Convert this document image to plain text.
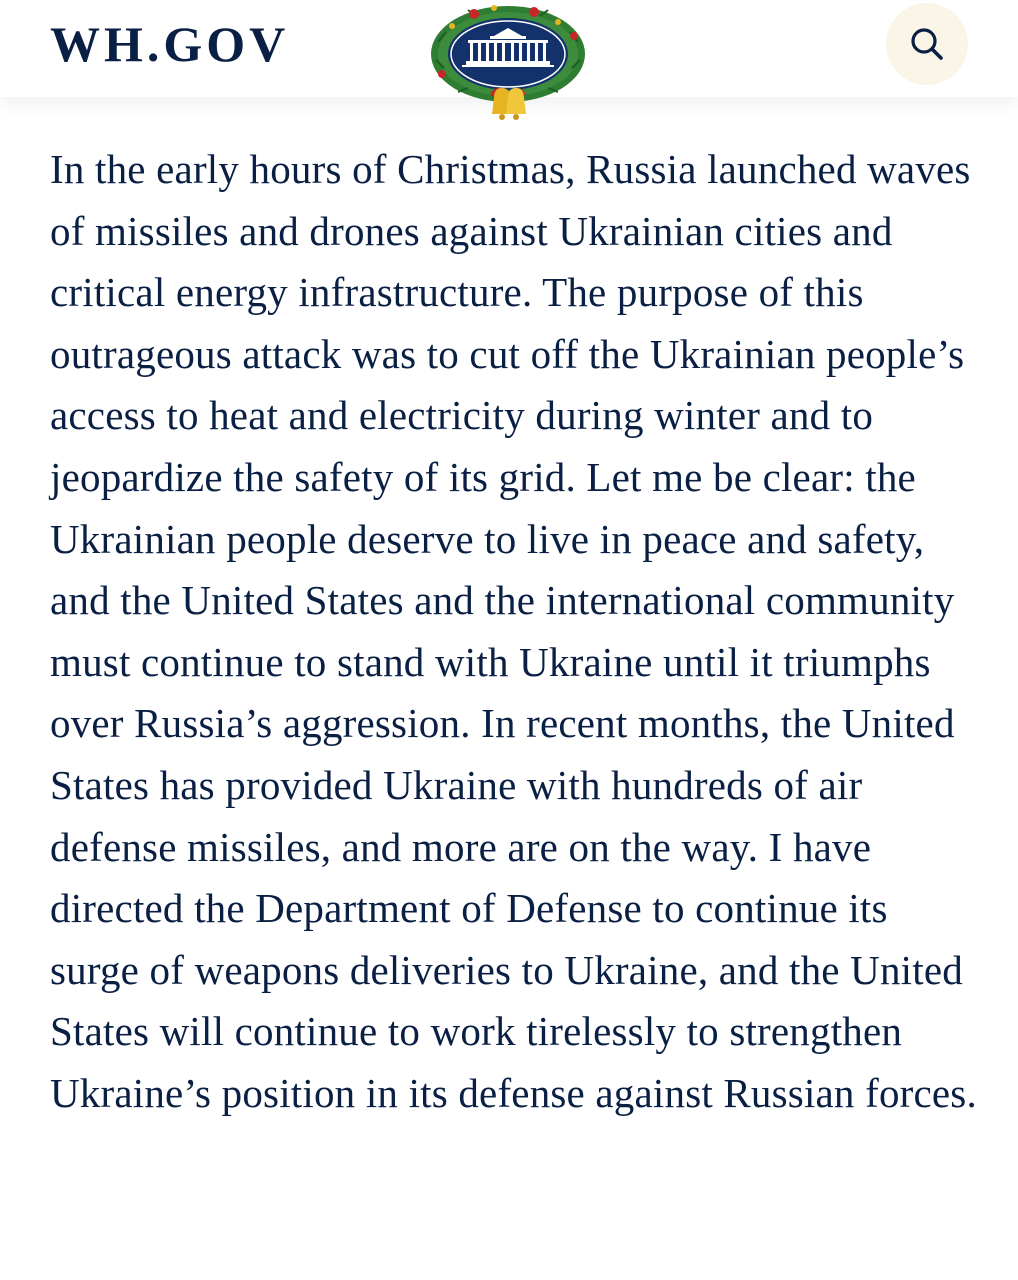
WH.GOV

In the early hours of Christmas, Russia launched waves of missiles and drones against Ukrainian cities and critical energy infrastructure. The purpose of this outrageous attack was to cut off the Ukrainian people’s access to heat and electricity during winter and to jeopardize the safety of its grid. Let me be clear: the Ukrainian people deserve to live in peace and safety, and the United States and the international community must continue to stand with Ukraine until it triumphs over Russia’s aggression. In recent months, the United States has provided Ukraine with hundreds of air defense missiles, and more are on the way. I have directed the Department of Defense to continue its surge of weapons deliveries to Ukraine, and the United States will continue to work tirelessly to strengthen Ukraine’s position in its defense against Russian forces.
